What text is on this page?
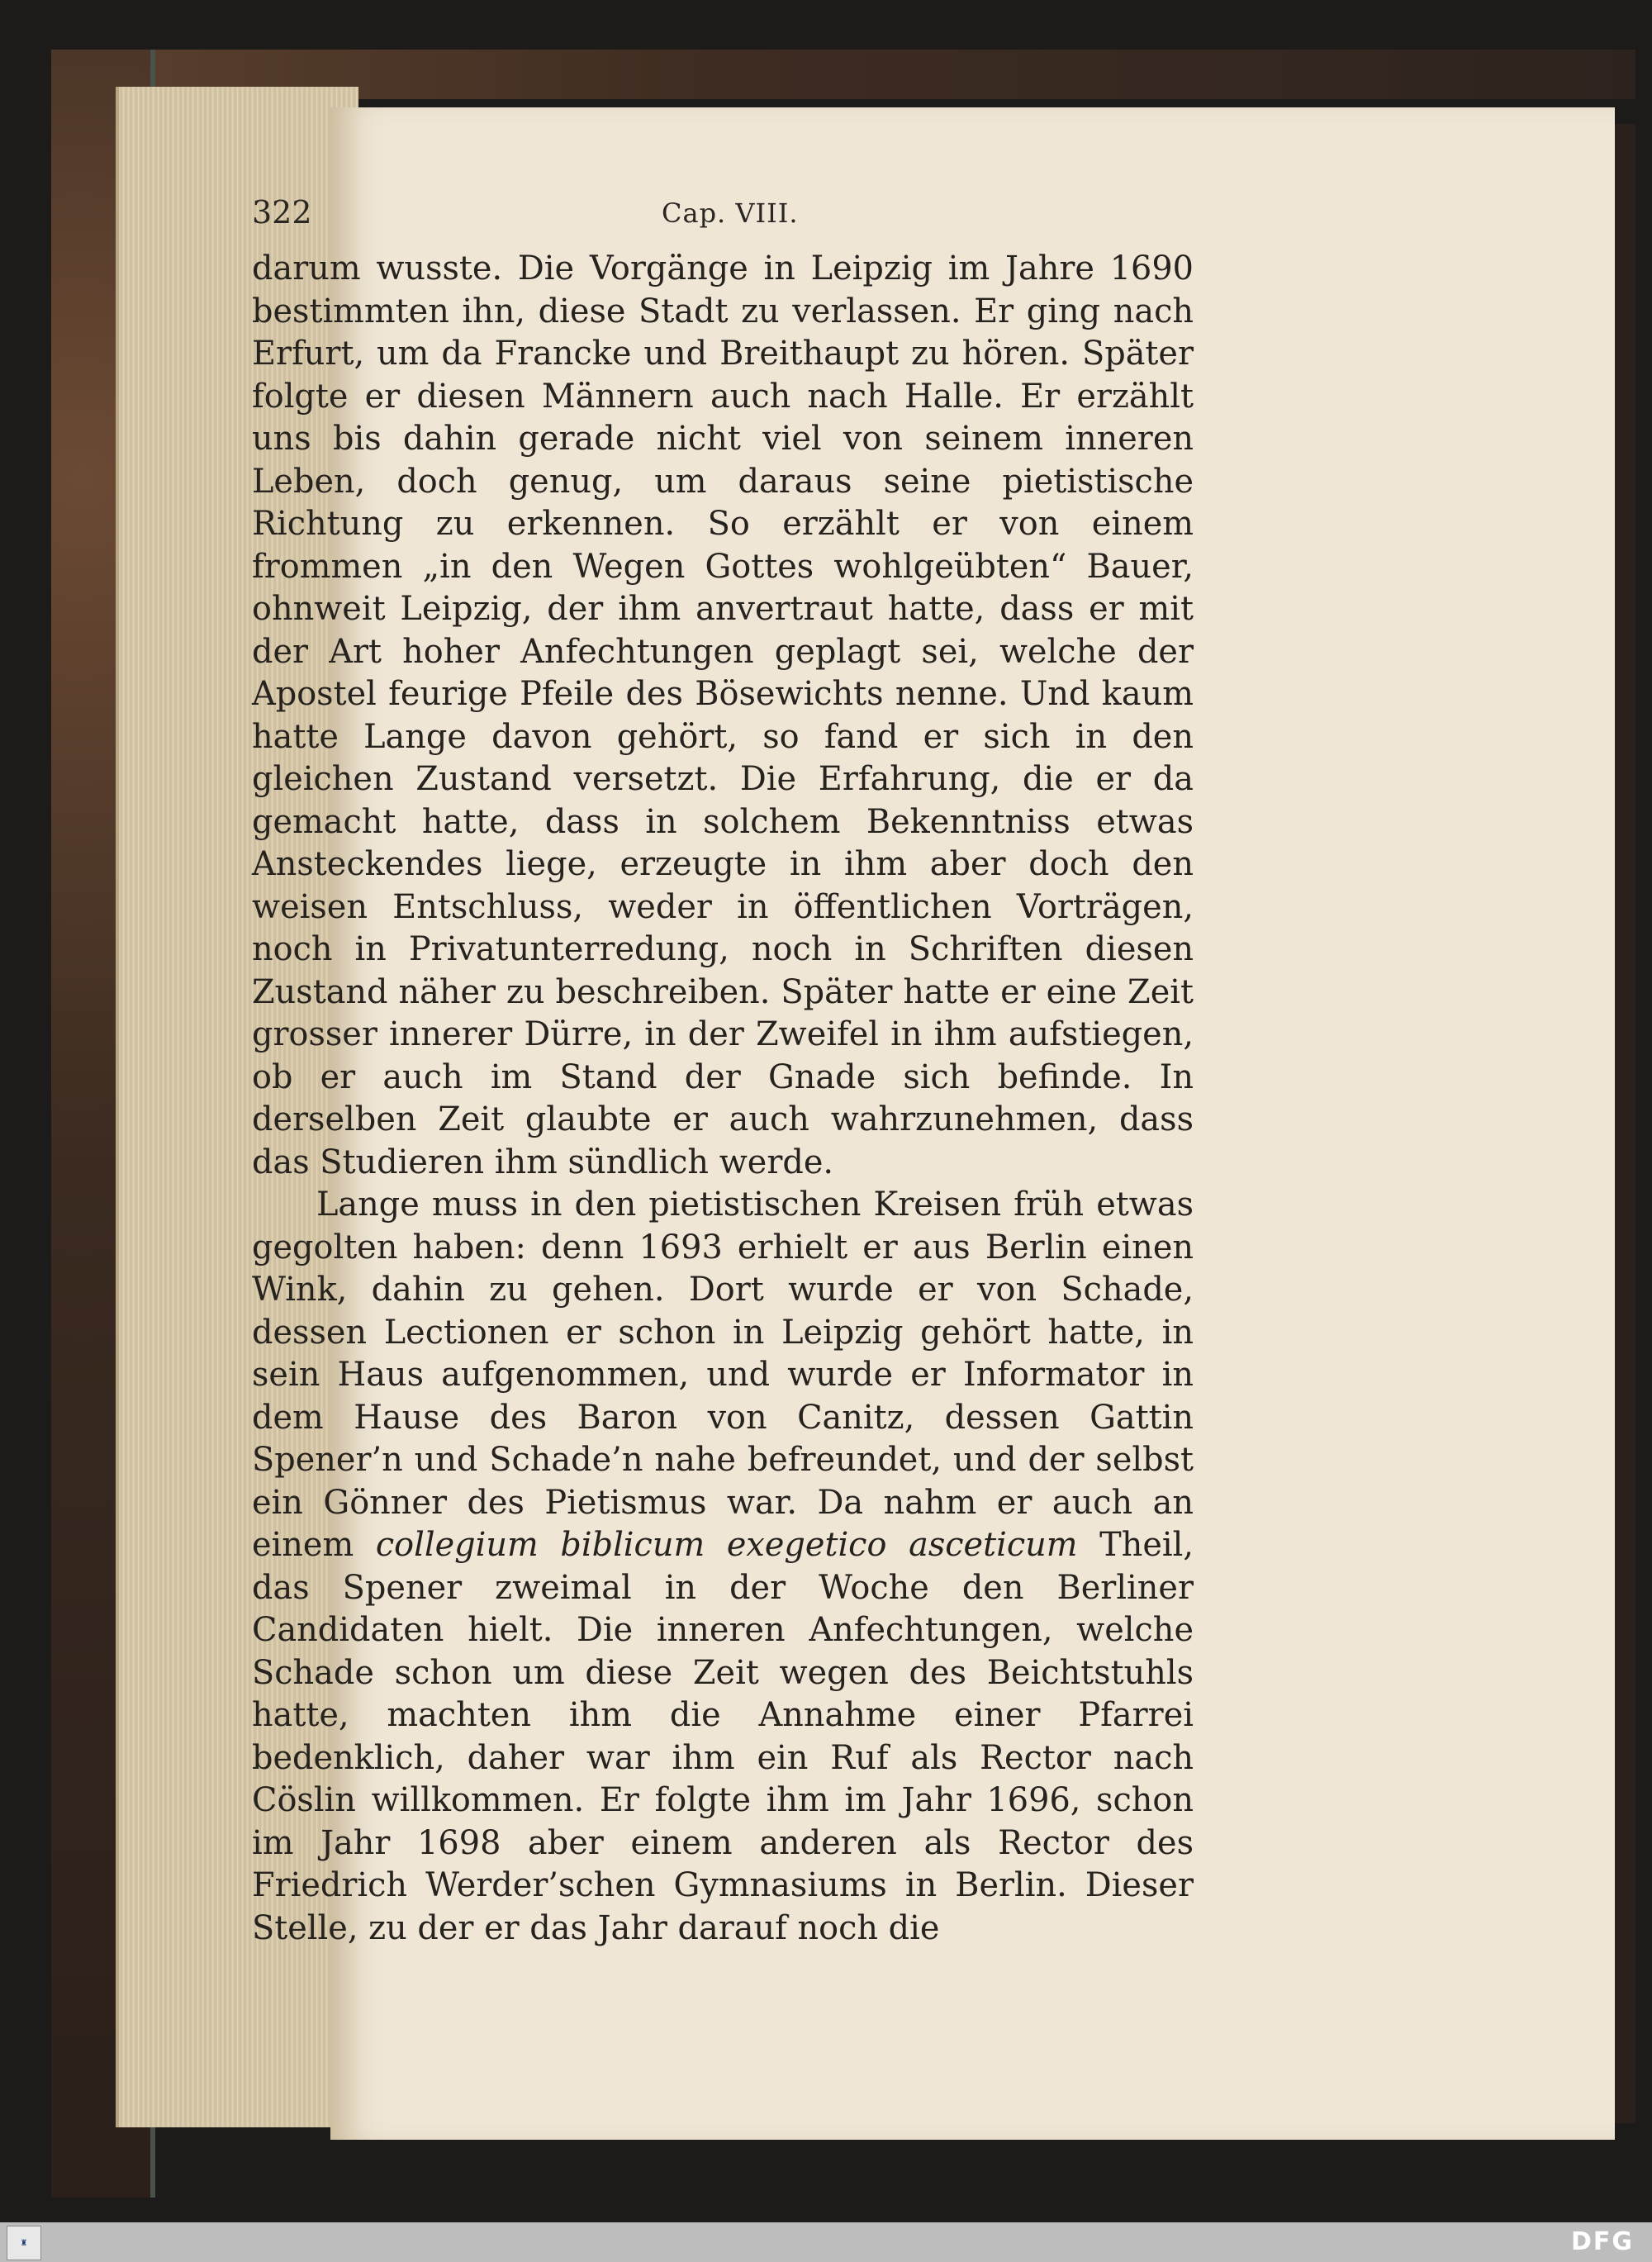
322	Cap. VIII.

darum wusste. Die Vorgänge in Leipzig im Jahre 1690 bestimmten ihn, diese Stadt zu verlassen. Er ging nach Erfurt, um da Francke und Breithaupt zu hören. Später folgte er diesen Männern auch nach Halle. Er erzählt uns bis dahin gerade nicht viel von seinem inneren Leben, doch genug, um daraus seine pietistische Richtung zu erkennen. So erzählt er von einem frommen „in den Wegen Gottes wohlgeübten“ Bauer, ohnweit Leipzig, der ihm anvertraut hatte, dass er mit der Art hoher Anfechtungen geplagt sei, welche der Apostel feurige Pfeile des Bösewichts nenne. Und kaum hatte Lange davon gehört, so fand er sich in den gleichen Zustand versetzt. Die Erfahrung, die er da gemacht hatte, dass in solchem Bekenntniss etwas Ansteckendes liege, erzeugte in ihm aber doch den weisen Entschluss, weder in öffentlichen Vorträgen, noch in Privatunterredung, noch in Schriften diesen Zustand näher zu beschreiben. Später hatte er eine Zeit grosser innerer Dürre, in der Zweifel in ihm aufstiegen, ob er auch im Stand der Gnade sich befinde. In derselben Zeit glaubte er auch wahrzunehmen, dass das Studieren ihm sündlich werde.

Lange muss in den pietistischen Kreisen früh etwas gegolten haben: denn 1693 erhielt er aus Berlin einen Wink, dahin zu gehen. Dort wurde er von Schade, dessen Lectionen er schon in Leipzig gehört hatte, in sein Haus aufgenommen, und wurde er Informator in dem Hause des Baron von Canitz, dessen Gattin Spener’n und Schade’n nahe befreundet, und der selbst ein Gönner des Pietismus war. Da nahm er auch an einem collegium biblicum exegetico asceticum Theil, das Spener zweimal in der Woche den Berliner Candidaten hielt. Die inneren Anfechtungen, welche Schade schon um diese Zeit wegen des Beichtstuhls hatte, machten ihm die Annahme einer Pfarrei bedenklich, daher war ihm ein Ruf als Rector nach Cöslin willkommen. Er folgte ihm im Jahr 1696, schon im Jahr 1698 aber einem anderen als Rector des Friedrich Werder’schen Gymnasiums in Berlin. Dieser Stelle, zu der er das Jahr darauf noch die

♜	DFG
